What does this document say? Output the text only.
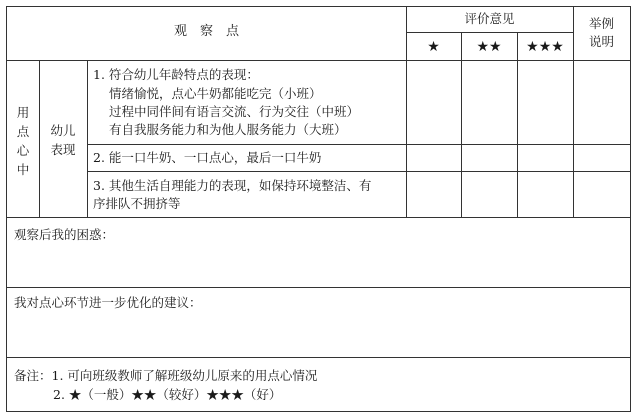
观　察　点
评价意见
★	★★	★★★
举例
说明
用
点
心
中
幼儿
表现
1. 符合幼儿年龄特点的表现：
情绪愉悦，点心牛奶都能吃完（小班）
过程中同伴间有语言交流、行为交往（中班）
有自我服务能力和为他人服务能力（大班）
2. 能一口牛奶、一口点心，最后一口牛奶
3. 其他生活自理能力的表现，如保持环境整洁、有
序排队不拥挤等
观察后我的困惑：
我对点心环节进一步优化的建议：
备注：1. 可向班级教师了解班级幼儿原来的用点心情况
2. ★（一般）★★（较好）★★★（好）
